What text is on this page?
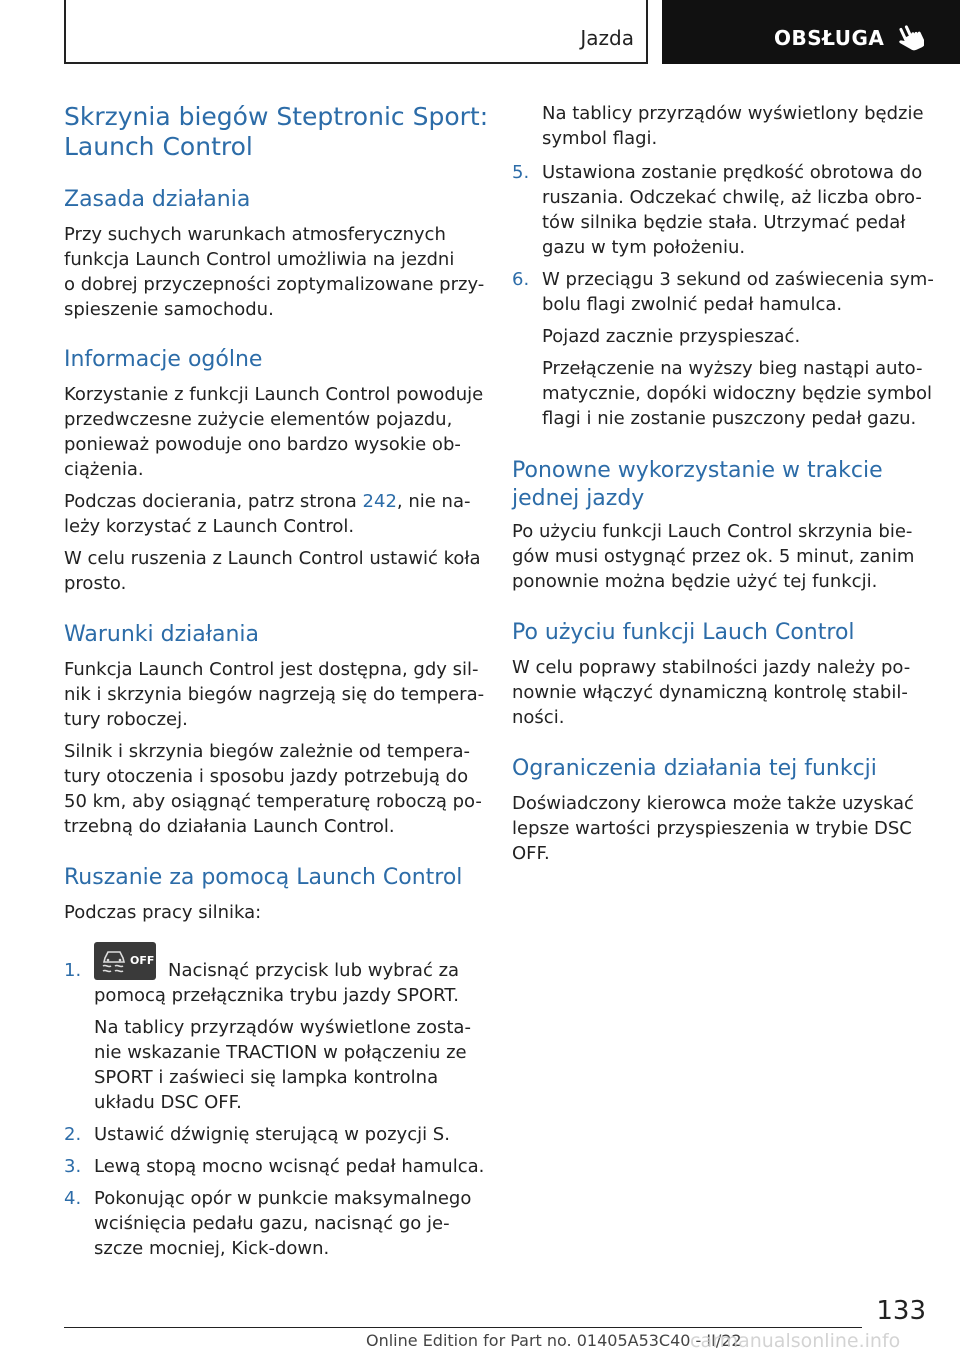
Jazda	OBSŁUGA
Skrzynia biegów Steptronic Sport:
Launch Control
Zasada działania
Przy suchych warunkach atmosferycznych
funkcja Launch Control umożliwia na jezdni
o dobrej przyczepności zoptymalizowane przy-
spieszenie samochodu.
Informacje ogólne
Korzystanie z funkcji Launch Control powoduje
przedwczesne zużycie elementów pojazdu,
ponieważ powoduje ono bardzo wysokie ob-
ciążenia.
Podczas docierania, patrz strona 242, nie na-
leży korzystać z Launch Control.
W celu ruszenia z Launch Control ustawić koła
prosto.
Warunki działania
Funkcja Launch Control jest dostępna, gdy sil-
nik i skrzynia biegów nagrzeją się do tempera-
tury roboczej.
Silnik i skrzynia biegów zależnie od tempera-
tury otoczenia i sposobu jazdy potrzebują do
50 km, aby osiągnąć temperaturę roboczą po-
trzebną do działania Launch Control.
Ruszanie za pomocą Launch Control
Podczas pracy silnika:
1.	Nacisnąć przycisk lub wybrać za
pomocą przełącznika trybu jazdy SPORT.
Na tablicy przyrządów wyświetlone zosta-
nie wskazanie TRACTION w połączeniu ze
SPORT i zaświeci się lampka kontrolna
układu DSC OFF.
2. Ustawić dźwignię sterującą w pozycji S.
3. Lewą stopą mocno wcisnąć pedał hamulca.
4. Pokonując opór w punkcie maksymalnego
wciśnięcia pedału gazu, nacisnąć go je-
szcze mocniej, Kick-down.
OFF
Na tablicy przyrządów wyświetlony będzie
symbol flagi.
5. Ustawiona zostanie prędkość obrotowa do
ruszania. Odczekać chwilę, aż liczba obro-
tów silnika będzie stała. Utrzymać pedał
gazu w tym położeniu.
6. W przeciągu 3 sekund od zaświecenia sym-
bolu flagi zwolnić pedał hamulca.
Pojazd zacznie przyspieszać.
Przełączenie na wyższy bieg nastąpi auto-
matycznie, dopóki widoczny będzie symbol
flagi i nie zostanie puszczony pedał gazu.
Ponowne wykorzystanie w trakcie
jednej jazdy
Po użyciu funkcji Lauch Control skrzynia bie-
gów musi ostygnąć przez ok. 5 minut, zanim
ponownie można będzie użyć tej funkcji.
Po użyciu funkcji Lauch Control
W celu poprawy stabilności jazdy należy po-
nownie włączyć dynamiczną kontrolę stabil-
ności.
Ograniczenia działania tej funkcji
Doświadczony kierowca może także uzyskać
lepsze wartości przyspieszenia w trybie DSC
OFF.
133
Online Edition for Part no. 01405A53C40 - II/22
carmanualsonline.info
